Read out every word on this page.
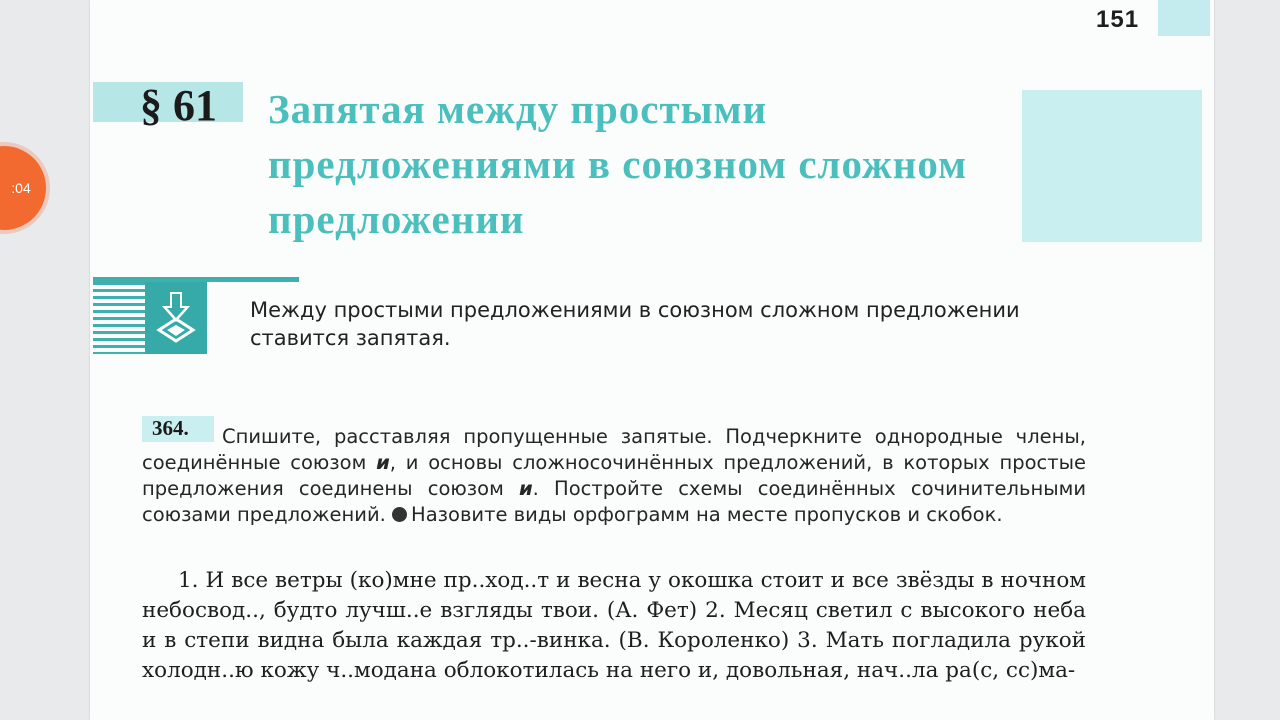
:04
151
§ 61 Запятая между простыми предложениями в союзном сложном предложении

Между простыми предложениями в союзном сложном предложении ставится запятая.

364.	Спишите, расставляя пропущенные запятые. Подчеркните однородные члены, соединённые союзом и, и основы сложносочинённых предложений, в которых простые предложения соединены союзом и. Постройте схемы соединённых сочинительными союзами предложений. Назовите виды орфограмм на месте пропусков и скобок.

1. И все ветры (ко)мне пр..ход..т и весна у окошка стоит и все звёзды в ночном небосвод.., будто лучш..е взгляды твои. (А. Фет) 2. Месяц светил с высокого неба и в степи видна была каждая тр..-винка. (В. Короленко) 3. Мать погладила рукой холодн..ю кожу ч..модана облокотилась на него и, довольная, нач..ла ра(с, сс)ма-
